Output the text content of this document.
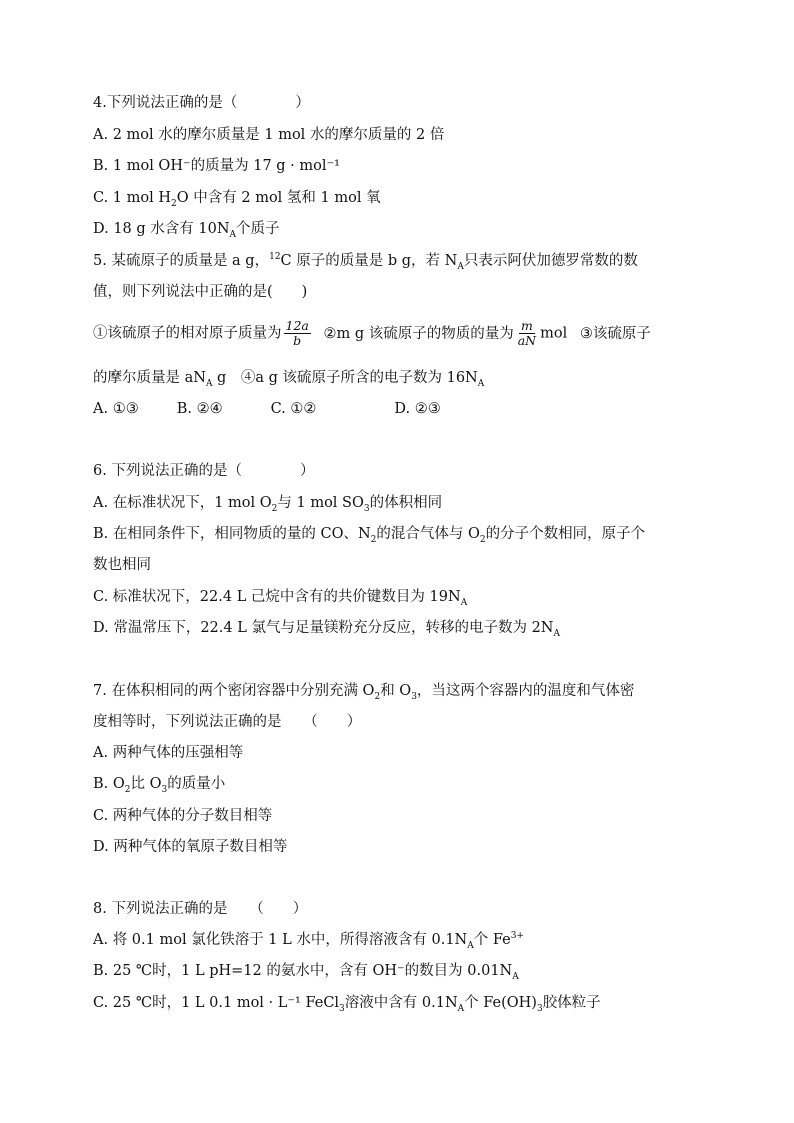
4.下列说法正确的是（　　　　）
A. 2 mol 水的摩尔质量是 1 mol 水的摩尔质量的 2 倍
B. 1 mol OH⁻的质量为 17 g · mol⁻¹
C. 1 mol $H_2O$ 中含有 2 mol 氢和 1 mol 氧
D. 18 g 水含有 $10N_A$个质子
5. 某硫原子的质量是 a g，$^{12}$C 原子的质量是 b g，若 $N_A$只表示阿伏加德罗常数的数
值，则下列说法中正确的是(　　)
①该硫原子的相对原子质量为 $\frac{12a}{b}$ ②m g 该硫原子的物质的量为 $\frac{m}{aN}$ mol ③该硫原子
的摩尔质量是 $aN_A$ g　④a g 该硫原子所含的电子数为 $16N_A$
A. ①③	B. ②④	C. ①②	D. ②③
6. 下列说法正确的是（　　　　）
A. 在标准状况下，1 mol $O_2$与 1 mol $SO_3$的体积相同
B. 在相同条件下，相同物质的量的 CO、$N_2$的混合气体与 $O_2$的分子个数相同，原子个
数也相同
C. 标准状况下，22.4 L 己烷中含有的共价键数目为 $19N_A$
D. 常温常压下，22.4 L 氯气与足量镁粉充分反应，转移的电子数为 $2N_A$
7. 在体积相同的两个密闭容器中分别充满 $O_2$和 $O_3$，当这两个容器内的温度和气体密
度相等时，下列说法正确的是　　（　　）
A. 两种气体的压强相等
B. $O_2$比 $O_3$的质量小
C. 两种气体的分子数目相等
D. 两种气体的氧原子数目相等
8. 下列说法正确的是　　（　　）
A. 将 0.1 mol 氯化铁溶于 1 L 水中，所得溶液含有 $0.1N_A$个 $Fe^{3+}$
B. 25 ℃时，1 L pH=12 的氨水中，含有 OH⁻的数目为 $0.01N_A$
C. 25 ℃时，1 L 0.1 mol · L⁻¹ FeCl$_3$溶液中含有 $0.1N_A$个 $Fe(OH)_3$胶体粒子
